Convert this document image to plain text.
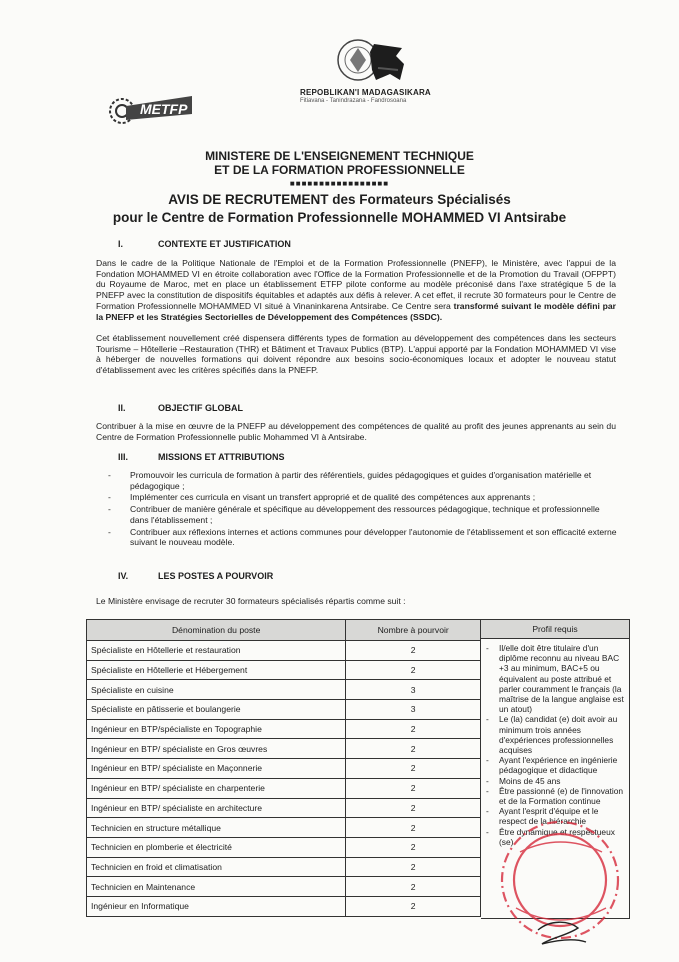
METFP
REPOBLIKAN'I MADAGASIKARA
Fitiavana - Tanindrazana - Fandrosoana
MINISTERE DE L'ENSEIGNEMENT TECHNIQUE
ET DE LA FORMATION PROFESSIONNELLE
■■■■■■■■■■■■■■■■■
AVIS DE RECRUTEMENT des Formateurs Spécialisés
pour le Centre de Formation Professionnelle MOHAMMED VI Antsirabe
I.	CONTEXTE ET JUSTIFICATION
Dans le cadre de la Politique Nationale de l'Emploi et de la Formation Professionnelle (PNEFP), le Ministère, avec l'appui de la Fondation MOHAMMED VI en étroite collaboration avec l'Office de la Formation Professionnelle et de la Promotion du Travail (OFPPT) du Royaume de Maroc, met en place un établissement ETFP pilote conforme au modèle préconisé dans l'axe stratégique 5 de la PNEFP avec la constitution de dispositifs équitables et adaptés aux défis à relever. A cet effet, il recrute 30 formateurs pour le Centre de Formation Professionnelle MOHAMMED VI situé à Vinaninkarena Antsirabe. Ce Centre sera transformé suivant le modèle défini par la PNEFP et les Stratégies Sectorielles de Développement des Compétences (SSDC).
Cet établissement nouvellement créé dispensera différents types de formation au développement des compétences dans les secteurs Tourisme – Hôtellerie –Restauration (THR) et Bâtiment et Travaux Publics (BTP). L'appui apporté par la Fondation MOHAMMED VI vise à héberger de nouvelles formations qui doivent répondre aux besoins socio-économiques locaux et adopter le nouveau statut d'établissement avec les critères spécifiés dans la PNEFP.
II.	OBJECTIF GLOBAL
Contribuer à la mise en œuvre de la PNEFP au développement des compétences de qualité au profit des jeunes apprenants au sein du Centre de Formation Professionnelle public Mohammed VI à Antsirabe.
III.	MISSIONS ET ATTRIBUTIONS
- Promouvoir les curricula de formation à partir des référentiels, guides pédagogiques et guides d'organisation matérielle et pédagogique ;
- Implémenter ces curricula en visant un transfert approprié et de qualité des compétences aux apprenants ;
- Contribuer de manière générale et spécifique au développement des ressources pédagogique, technique et professionnelle dans l'établissement ;
- Contribuer aux réflexions internes et actions communes pour développer l'autonomie de l'établissement et son efficacité externe suivant le nouveau modèle.
IV.	LES POSTES A POURVOIR
Le Ministère envisage de recruter 30 formateurs spécialisés répartis comme suit :
Dénomination du poste	Nombre à pourvoir
Spécialiste en Hôtellerie et restauration	2
Spécialiste en Hôtellerie et Hébergement	2
Spécialiste en cuisine	3
Spécialiste en pâtisserie et boulangerie	3
Ingénieur en BTP/spécialiste en Topographie	2
Ingénieur en BTP/ spécialiste en Gros œuvres	2
Ingénieur en BTP/ spécialiste en Maçonnerie	2
Ingénieur en BTP/ spécialiste en charpenterie	2
Ingénieur en BTP/ spécialiste en architecture	2
Technicien en structure métallique	2
Technicien en plomberie et électricité	2
Technicien en froid et climatisation	2
Technicien en Maintenance	2
Ingénieur en Informatique	2
Profil requis
- Il/elle doit être titulaire d'un diplôme reconnu au niveau BAC +3 au minimum, BAC+5 ou équivalent au poste attribué et parler couramment le français (la maîtrise de la langue anglaise est un atout)
- Le (la) candidat (e) doit avoir au minimum trois années d'expériences professionnelles acquises
- Ayant l'expérience en ingénierie pédagogique et didactique
- Moins de 45 ans
- Être passionné (e) de l'innovation et de la Formation continue
- Ayant l'esprit d'équipe et le respect de la hiérarchie
- Être dynamique et respectueux (se)
